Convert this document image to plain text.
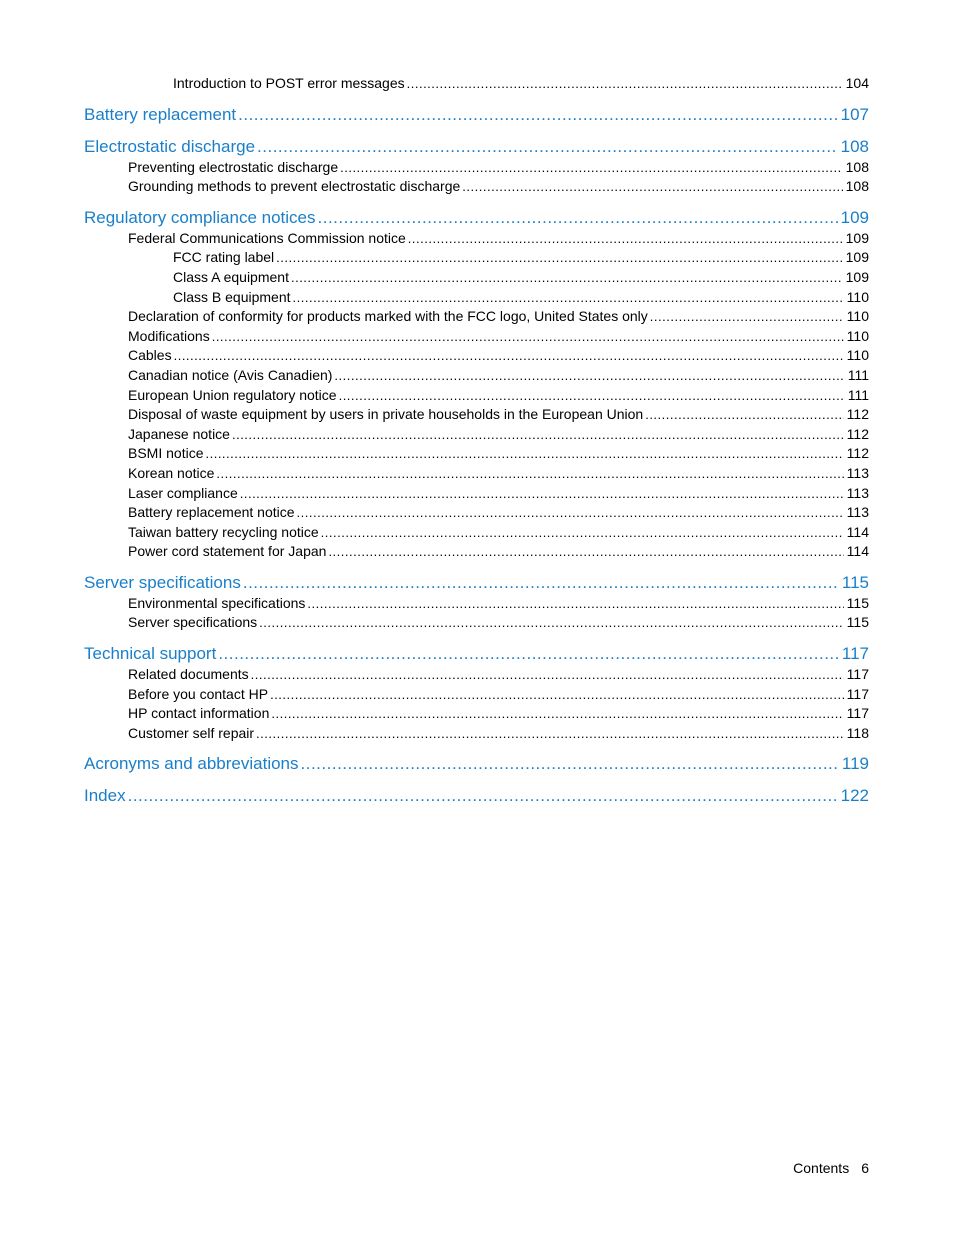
Introduction to POST error messages .....	104
Battery replacement .....	107
Electrostatic discharge .....	108
Preventing electrostatic discharge .....	108
Grounding methods to prevent electrostatic discharge .....	108
Regulatory compliance notices .....	109
Federal Communications Commission notice .....	109
FCC rating label .....	109
Class A equipment .....	109
Class B equipment .....	110
Declaration of conformity for products marked with the FCC logo, United States only .....	110
Modifications .....	110
Cables .....	110
Canadian notice (Avis Canadien) .....	111
European Union regulatory notice .....	111
Disposal of waste equipment by users in private households in the European Union .....	112
Japanese notice .....	112
BSMI notice .....	112
Korean notice .....	113
Laser compliance .....	113
Battery replacement notice .....	113
Taiwan battery recycling notice .....	114
Power cord statement for Japan .....	114
Server specifications .....	115
Environmental specifications .....	115
Server specifications .....	115
Technical support .....	117
Related documents .....	117
Before you contact HP .....	117
HP contact information .....	117
Customer self repair .....	118
Acronyms and abbreviations .....	119
Index .....	122
Contents 6
